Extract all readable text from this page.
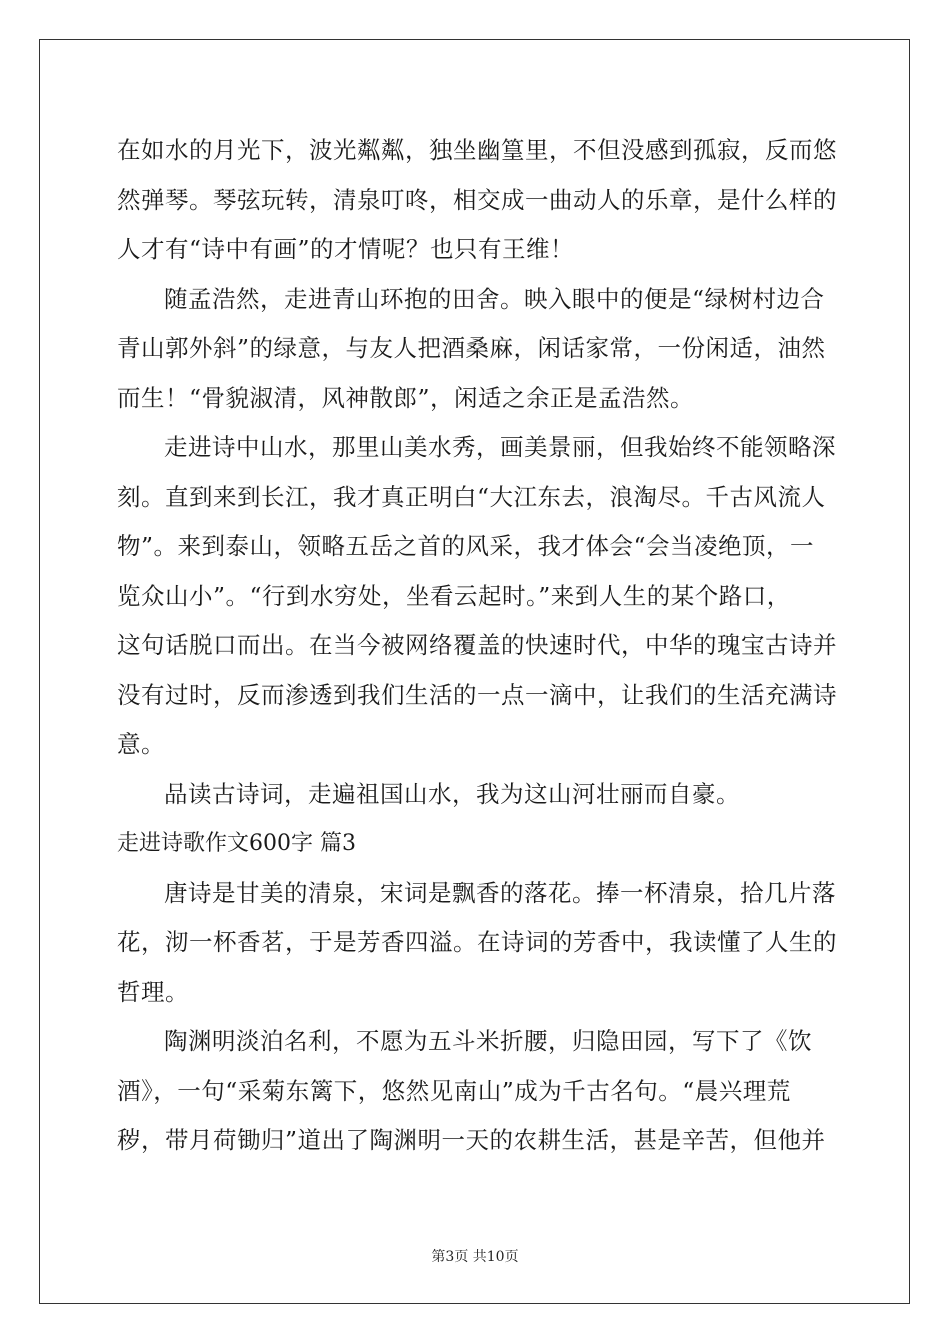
在如水的月光下，波光粼粼，独坐幽篁里，不但没感到孤寂，反而悠
然弹琴。琴弦玩转，清泉叮咚，相交成一曲动人的乐章，是什么样的
人才有“诗中有画”的才情呢？也只有王维！
随孟浩然，走进青山环抱的田舍。映入眼中的便是“绿树村边合
青山郭外斜”的绿意，与友人把酒桑麻，闲话家常，一份闲适，油然
而生！“骨貌淑清，风神散郎”，闲适之余正是孟浩然。
走进诗中山水，那里山美水秀，画美景丽，但我始终不能领略深
刻。直到来到长江，我才真正明白“大江东去，浪淘尽。千古风流人
物”。来到泰山，领略五岳之首的风采，我才体会“会当凌绝顶，一
览众山小”。“行到水穷处，坐看云起时。”来到人生的某个路口，
这句话脱口而出。在当今被网络覆盖的快速时代，中华的瑰宝古诗并
没有过时，反而渗透到我们生活的一点一滴中，让我们的生活充满诗
意。
品读古诗词，走遍祖国山水，我为这山河壮丽而自豪。
走进诗歌作文600字 篇3
唐诗是甘美的清泉，宋词是飘香的落花。捧一杯清泉，拾几片落
花，沏一杯香茗，于是芳香四溢。在诗词的芳香中，我读懂了人生的
哲理。
陶渊明淡泊名利，不愿为五斗米折腰，归隐田园，写下了《饮
酒》，一句“采菊东篱下，悠然见南山”成为千古名句。“晨兴理荒
秽，带月荷锄归”道出了陶渊明一天的农耕生活，甚是辛苦，但他并
第3页 共10页
